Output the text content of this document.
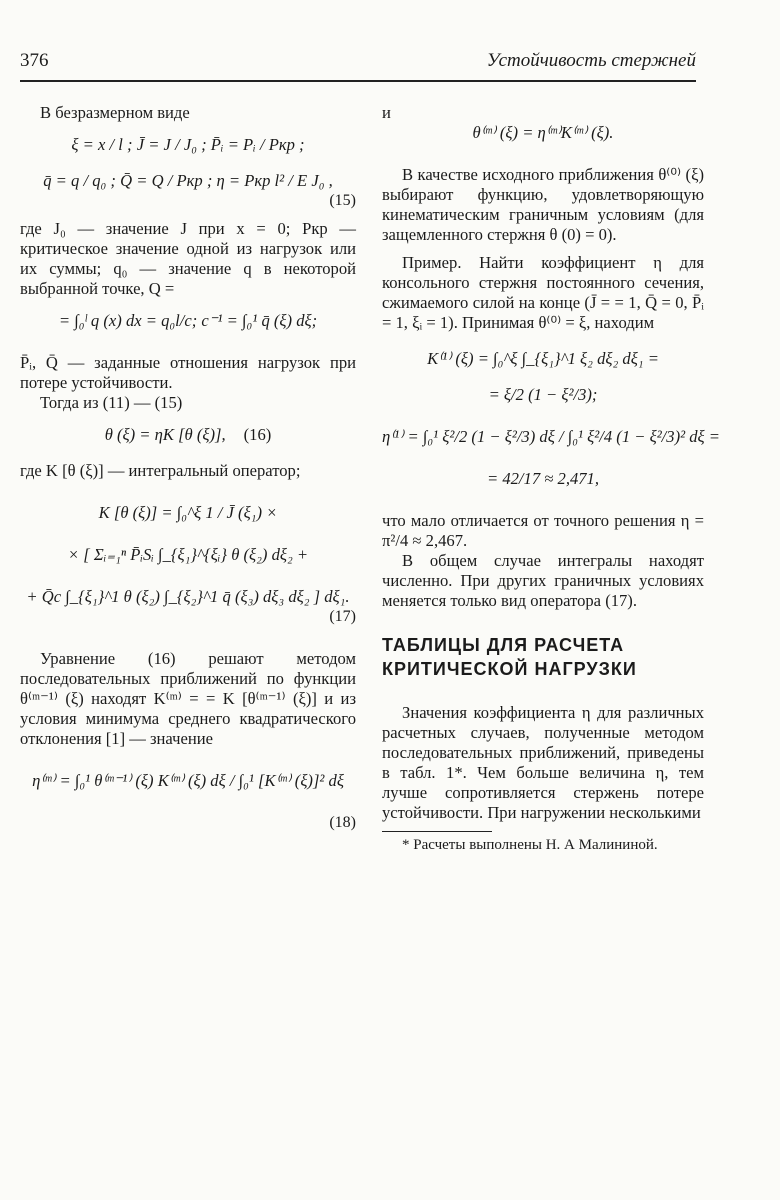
376	Устойчивость стержней

В безразмерном виде

ξ = x / l ; J̄ = J / J₀ ; P̄ᵢ = Pᵢ / Pкр ;

q̄ = q / q₀ ; Q̄ = Q / Pкр ; η = Pкр l² / E J₀ ,

(15)

где J₀ — значение J при x = 0; Pкр — критическое значение одной из нагрузок или их суммы; q₀ — значение q в некоторой выбранной точке, Q =

= ∫₀ˡ q (x) dx = q₀l/c; c⁻¹ = ∫₀¹ q̄ (ξ) dξ;

P̄ᵢ, Q̄ — заданные отношения нагрузок при потере устойчивости.

Тогда из (11) — (15)

θ (ξ) = ηK [θ (ξ)], (16)

где K [θ (ξ)] — интегральный оператор;

K [θ (ξ)] = ∫₀^ξ 1 / J̄ (ξ₁) ×

× [ Σᵢ₌₁ⁿ P̄ᵢSᵢ ∫_{ξ₁}^{ξᵢ} θ (ξ₂) dξ₂ +

+ Q̄c ∫_{ξ₁}^1 θ (ξ₂) ∫_{ξ₂}^1 q̄ (ξ₃) dξ₃ dξ₂ ] dξ₁.

(17)

Уравнение (16) решают методом последовательных приближений по функции θ⁽ᵐ⁻¹⁾ (ξ) находят K⁽ᵐ⁾ = = K [θ⁽ᵐ⁻¹⁾ (ξ)] и из условия минимума среднего квадратического отклонения [1] — значение

η⁽ᵐ⁾ = ∫₀¹ θ⁽ᵐ⁻¹⁾ (ξ) K⁽ᵐ⁾ (ξ) dξ / ∫₀¹ [K⁽ᵐ⁾ (ξ)]² dξ

(18)

и

θ⁽ᵐ⁾ (ξ) = η⁽ᵐ⁾K⁽ᵐ⁾ (ξ).

В качестве исходного приближения θ⁽⁰⁾ (ξ) выбирают функцию, удовлетворяющую кинематическим граничным условиям (для защемленного стержня θ (0) = 0).

Пример. Найти коэффициент η для консольного стержня постоянного сечения, сжимаемого силой на конце (J̄ = = 1, Q̄ = 0, P̄ᵢ = 1, ξᵢ = 1). Принимая θ⁽⁰⁾ = ξ, находим

K⁽¹⁾ (ξ) = ∫₀^ξ ∫_{ξ₁}^1 ξ₂ dξ₂ dξ₁ =

= ξ/2 (1 − ξ²/3);

η⁽¹⁾ = ∫₀¹ ξ²/2 (1 − ξ²/3) dξ / ∫₀¹ ξ²/4 (1 − ξ²/3)² dξ =

= 42/17 ≈ 2,471,

что мало отличается от точного решения η = π²/4 ≈ 2,467.

В общем случае интегралы находят численно. При других граничных условиях меняется только вид оператора (17).

ТАБЛИЦЫ ДЛЯ РАСЧЕТА

КРИТИЧЕСКОЙ НАГРУЗКИ

Значения коэффициента η для различных расчетных случаев, полученные методом последовательных приближений, приведены в табл. 1*. Чем больше величина η, тем лучше сопротивляется стержень потере устойчивости. При нагружении несколькими

* Расчеты выполнены Н. А Малининой.
